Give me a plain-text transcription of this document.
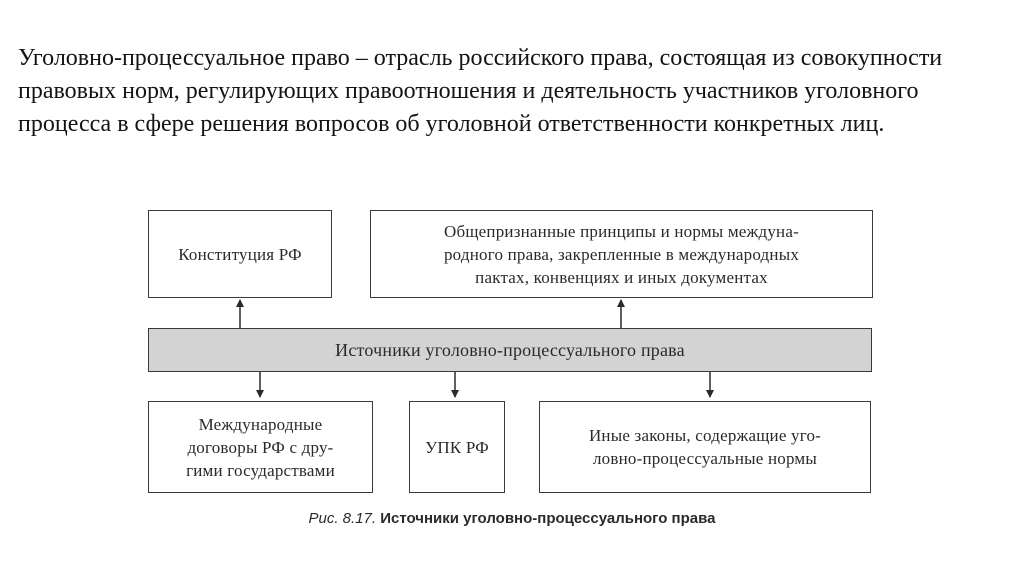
Уголовно-процессуальное право – отрасль российского права, состоящая из совокупности правовых норм, регулирующих правоотношения и деятельность участников уголовного процесса в сфере решения вопросов об уголовной ответственности конкретных лиц.

Конституция РФ
Общепризнанные принципы и нормы междуна-
родного права, закрепленные в международных
пактах, конвенциях и иных документах
Источники уголовно-процессуального права
Международные
договоры РФ с дру-
гими государствами
УПК РФ
Иные законы, содержащие уго-
ловно-процессуальные нормы
Рис. 8.17. Источники уголовно-процессуального права
